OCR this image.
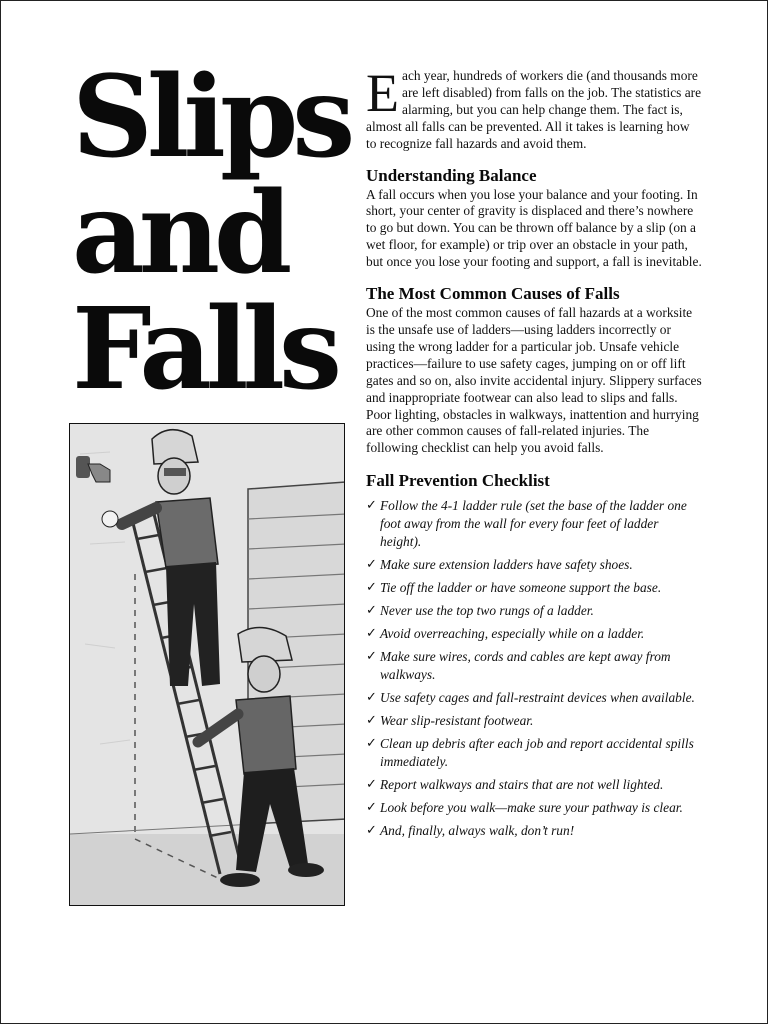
Slips
and
Falls

Each year, hundreds of workers die (and thousands more are left disabled) from falls on the job. The statistics are alarming, but you can help change them. The fact is, almost all falls can be prevented. All it takes is learning how to recognize fall hazards and avoid them.

Understanding Balance

A fall occurs when you lose your balance and your footing. In short, your center of gravity is displaced and there’s nowhere to go but down. You can be thrown off balance by a slip (on a wet floor, for example) or trip over an obstacle in your path, but once you lose your footing and support, a fall is inevitable.

The Most Common Causes of Falls

One of the most common causes of fall hazards at a worksite is the unsafe use of ladders—using ladders incorrectly or using the wrong ladder for a particular job. Unsafe vehicle practices—failure to use safety cages, jumping on or off lift gates and so on, also invite accidental injury. Slippery surfaces and inappropriate footwear can also lead to slips and falls. Poor lighting, obstacles in walkways, inattention and hurrying are other common causes of fall-related injuries. The following checklist can help you avoid falls.

Fall Prevention Checklist
✓ Follow the 4-1 ladder rule (set the base of the ladder one foot away from the wall for every four feet of ladder height).
✓ Make sure extension ladders have safety shoes.
✓ Tie off the ladder or have someone support the base.
✓ Never use the top two rungs of a ladder.
✓ Avoid overreaching, especially while on a ladder.
✓ Make sure wires, cords and cables are kept away from walkways.
✓ Use safety cages and fall-restraint devices when available.
✓ Wear slip-resistant footwear.
✓ Clean up debris after each job and report accidental spills immediately.
✓ Report walkways and stairs that are not well lighted.
✓ Look before you walk—make sure your pathway is clear.
✓ And, finally, always walk, don’t run!
